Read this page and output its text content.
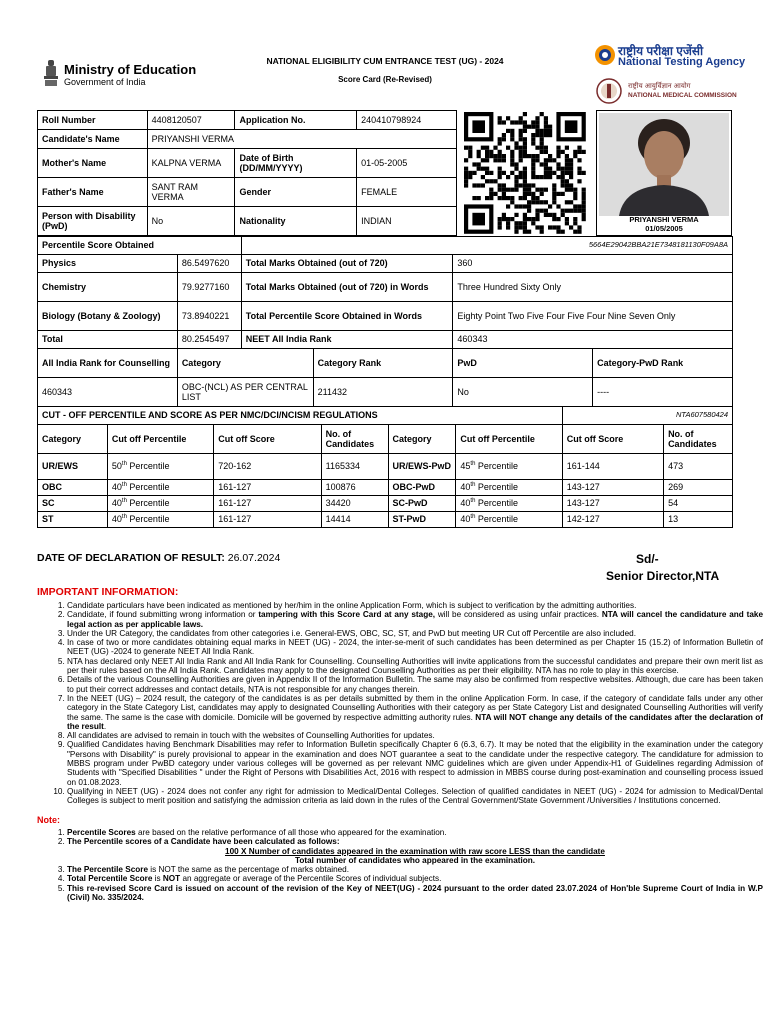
Ministry of Education
Government of India
NATIONAL ELIGIBILITY CUM ENTRANCE TEST (UG) - 2024
Score Card (Re-Revised)
राष्ट्रीय परीक्षा एजेंसी
National Testing Agency
राष्ट्रीय आयुर्विज्ञान आयोग
NATIONAL MEDICAL COMMISSION
Roll Number	4408120507	Application No.	240410798924
Candidate's Name	PRIYANSHI VERMA		
Mother's Name	KALPNA VERMA	Date of Birth (DD/MM/YYYY)	01-05-2005
Father's Name	SANT RAM VERMA	Gender	FEMALE
Person with Disability (PwD)	No	Nationality	INDIAN	PRIYANSHI VERMA
01/05/2005
Percentile Score Obtained		5664E29042BBA21E7348181130F09A8A			
Physics	86.5497620	Total Marks Obtained (out of 720)		360	
Chemistry	79.9277160	Total Marks Obtained (out of 720) in Words		Three Hundred Sixty Only	
Biology (Botany & Zoology)	73.8940221	Total Percentile Score Obtained in Words		Eighty Point Two Five Four Five Four Nine Seven Only	
Total	80.2545497	NEET All India Rank		460343	
All India Rank for Counselling	Category		Category Rank	PwD	Category-PwD Rank
460343	OBC-(NCL) AS PER CENTRAL LIST		211432	No	----
CUT - OFF PERCENTILE AND SCORE AS PER NMC/DCI/NCISM REGULATIONS						NTA607580424	
Category	Cut off Percentile	Cut off Score	No. of Candidates	Category	Cut off Percentile	Cut off Score	No. of Candidates
UR/EWS	50th Percentile	720-162	1165334	UR/EWS-PwD	45th Percentile	161-144	473
OBC	40th Percentile	161-127	100876	OBC-PwD	40th Percentile	143-127	269
SC	40th Percentile	161-127	34420	SC-PwD	40th Percentile	143-127	54
ST	40th Percentile	161-127	14414	ST-PwD	40th Percentile	142-127	13
DATE OF DECLARATION OF RESULT: 26.07.2024	Sd/-
Senior Director,NTA
IMPORTANT INFORMATION:
1. Candidate particulars have been indicated as mentioned by her/him in the online Application Form, which is subject to verification by the admitting authorities.
2. Candidate, if found submitting wrong information or tampering with this Score Card at any stage, will be considered as using unfair practices. NTA will cancel the candidature and take legal action as per applicable laws.
3. Under the UR Category, the candidates from other categories i.e. General-EWS, OBC, SC, ST, and PwD but meeting UR Cut off Percentile are also included.
4. In case of two or more candidates obtaining equal marks in NEET (UG) - 2024, the inter-se-merit of such candidates has been determined as per Chapter 15 (15.2) of Information Bulletin of NEET (UG) -2024 to generate NEET All India Rank.
5. NTA has declared only NEET All India Rank and All India Rank for Counselling. Counselling Authorities will invite applications from the successful candidates and prepare their own merit list as per their rules based on the All India Rank. Candidates may apply to the designated Counselling Authorities as per their eligibility. NTA has no role to play in this exercise.
6. Details of the various Counselling Authorities are given in Appendix II of the Information Bulletin. The same may also be confirmed from respective websites. Although, due care has been taken to put their correct addresses and contact details, NTA is not responsible for any changes therein.
7. In the NEET (UG) – 2024 result, the category of the candidates is as per details submitted by them in the online Application Form. In case, if the category of candidate falls under any other category in the State Category List, candidates may apply to designated Counselling Authorities with their category as per State Category List and designated Counselling Authorities will verify the same. The same is the case with domicile. Domicile will be governed by respective admitting authority rules. NTA will NOT change any details of the candidates after the declaration of the result.
8. All candidates are advised to remain in touch with the websites of Counselling Authorities for updates.
9. Qualified Candidates having Benchmark Disabilities may refer to Information Bulletin specifically Chapter 6 (6.3, 6.7). It may be noted that the eligibility in the examination under the category "Persons with Disability" is purely provisional to appear in the examination and does NOT guarantee a seat to the candidate under the respective category. The candidature for admission to MBBS program under PwBD category under various colleges will be governed as per relevant NMC guidelines which are given under Appendix-H1 of Guidelines regarding Admission of Students with "Specified Disabilities " under the Right of Persons with Disabilities Act, 2016 with respect to admission in MBBS course during post-examination and counselling process issued on 01.08.2023.
10. Qualifying in NEET (UG) - 2024 does not confer any right for admission to Medical/Dental Colleges. Selection of qualified candidates in NEET (UG) - 2024 for admission to Medical/Dental Colleges is subject to merit position and satisfying the admission criteria as laid down in the rules of the Central Government/State Government /Universities / Institutions concerned.
Note:
1. Percentile Scores are based on the relative performance of all those who appeared for the examination.
2. The Percentile scores of a Candidate have been calculated as follows:
100 X Number of candidates appeared in the examination with raw score LESS than the candidate
Total number of candidates who appeared in the examination.
3. The Percentile Score is NOT the same as the percentage of marks obtained.
4. Total Percentile Score is NOT an aggregate or average of the Percentile Scores of individual subjects.
5. This re-revised Score Card is issued on account of the revision of the Key of NEET(UG) - 2024 pursuant to the order dated 23.07.2024 of Hon'ble Supreme Court of India in W.P (Civil) No. 335/2024.
